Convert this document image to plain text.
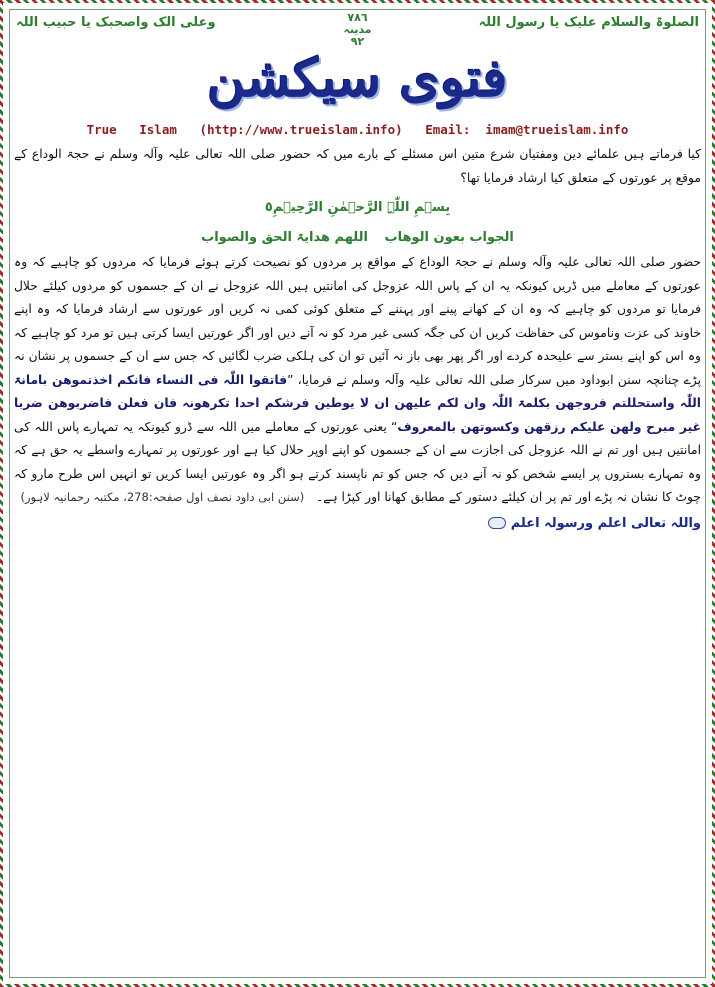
الصلوۃ والسلام علیک یا رسول اللہ
٧٨٦
مدینہ
٩٢
وعلی الک واصحبک یا حبیب اللہ
فتوی سیکشن
True   Islam   (http://www.trueislam.info)   Email:  imam@trueislam.info

کیا فرماتے ہیں علمائے دین ومفتیان شرع متین اس مسئلے کے بارے میں کہ حضور صلی اللہ تعالی علیہ وآلہ وسلم نے حجۃ الوداع کے موقع پر عورتوں کے متعلق کیا ارشاد فرمایا تھا؟

بِسۡمِ اللّٰہِ الرَّحۡمٰنِ الرَّحِیۡمِ٥

الجواب بعون الوھاب اللھم ھدایۃ الحق والصواب

حضور صلی اللہ تعالی علیہ وآلہ وسلم نے حجۃ الوداع کے مواقع پر مردوں کو نصیحت کرتے ہوئے فرمایا کہ مردوں کو چاہیے کہ وہ عورتوں کے معاملے میں ڈریں کیونکہ یہ ان کے پاس اللہ عزوجل کی امانتیں ہیں اللہ عزوجل نے ان کے جسموں کو مردوں کیلئے حلال فرمایا تو مردوں کو چاہیے کہ وہ ان کے کھانے پینے اور پہننے کے متعلق کوئی کمی نہ کریں اور عورتوں سے ارشاد فرمایا کہ وہ اپنے خاوند کی عزت وناموس کی حفاظت کریں ان کی جگہ کسی غیر مرد کو نہ آنے دیں اور اگر عورتیں ایسا کرتی ہیں تو مرد کو چاہیے کہ وہ اس کو اپنے بستر سے علیحدہ کردے اور اگر پھر بھی باز نہ آئیں تو ان کی ہلکی ضرب لگائیں کہ جس سے ان کے جسموں پر نشان نہ پڑے چنانچہ سنن ابوداود میں سرکار صلی اللہ تعالی علیہ وآلہ وسلم نے فرمایا، ”فاتقوا اللّٰہ فی النساء فانکم اخذتموھن بامانۃ اللّٰہ واستحللتم فروجھن بکلمۃ اللّٰہ وان لکم علیھن ان لا یوطین فرشکم احدا تکرھونہ فان فعلن فاضربوھن ضربا غیر مبرح ولھن علیکم رزقھن وکسوتھن بالمعروف“ یعنی عورتوں کے معاملے میں اللہ سے ڈرو کیونکہ یہ تمہارے پاس اللہ کی امانتیں ہیں اور تم نے اللہ عزوجل کی اجازت سے ان کے جسموں کو اپنے اوپر حلال کیا ہے اور عورتوں پر تمہارے واسطے یہ حق ہے کہ وہ تمہارے بستروں پر ایسے شخص کو نہ آنے دیں کہ جس کو تم ناپسند کرتے ہو اگر وہ عورتیں ایسا کریں تو انہیں اس طرح مارو کہ چوٹ کا نشان نہ پڑے اور تم پر ان کیلئے دستور کے مطابق کھانا اور کپڑا ہے۔   (سنن ابی داود نصف اول صفحہ:278، مکتبہ رحمانیہ لاہور)

واللہ تعالی اعلم ورسولہ اعلم
